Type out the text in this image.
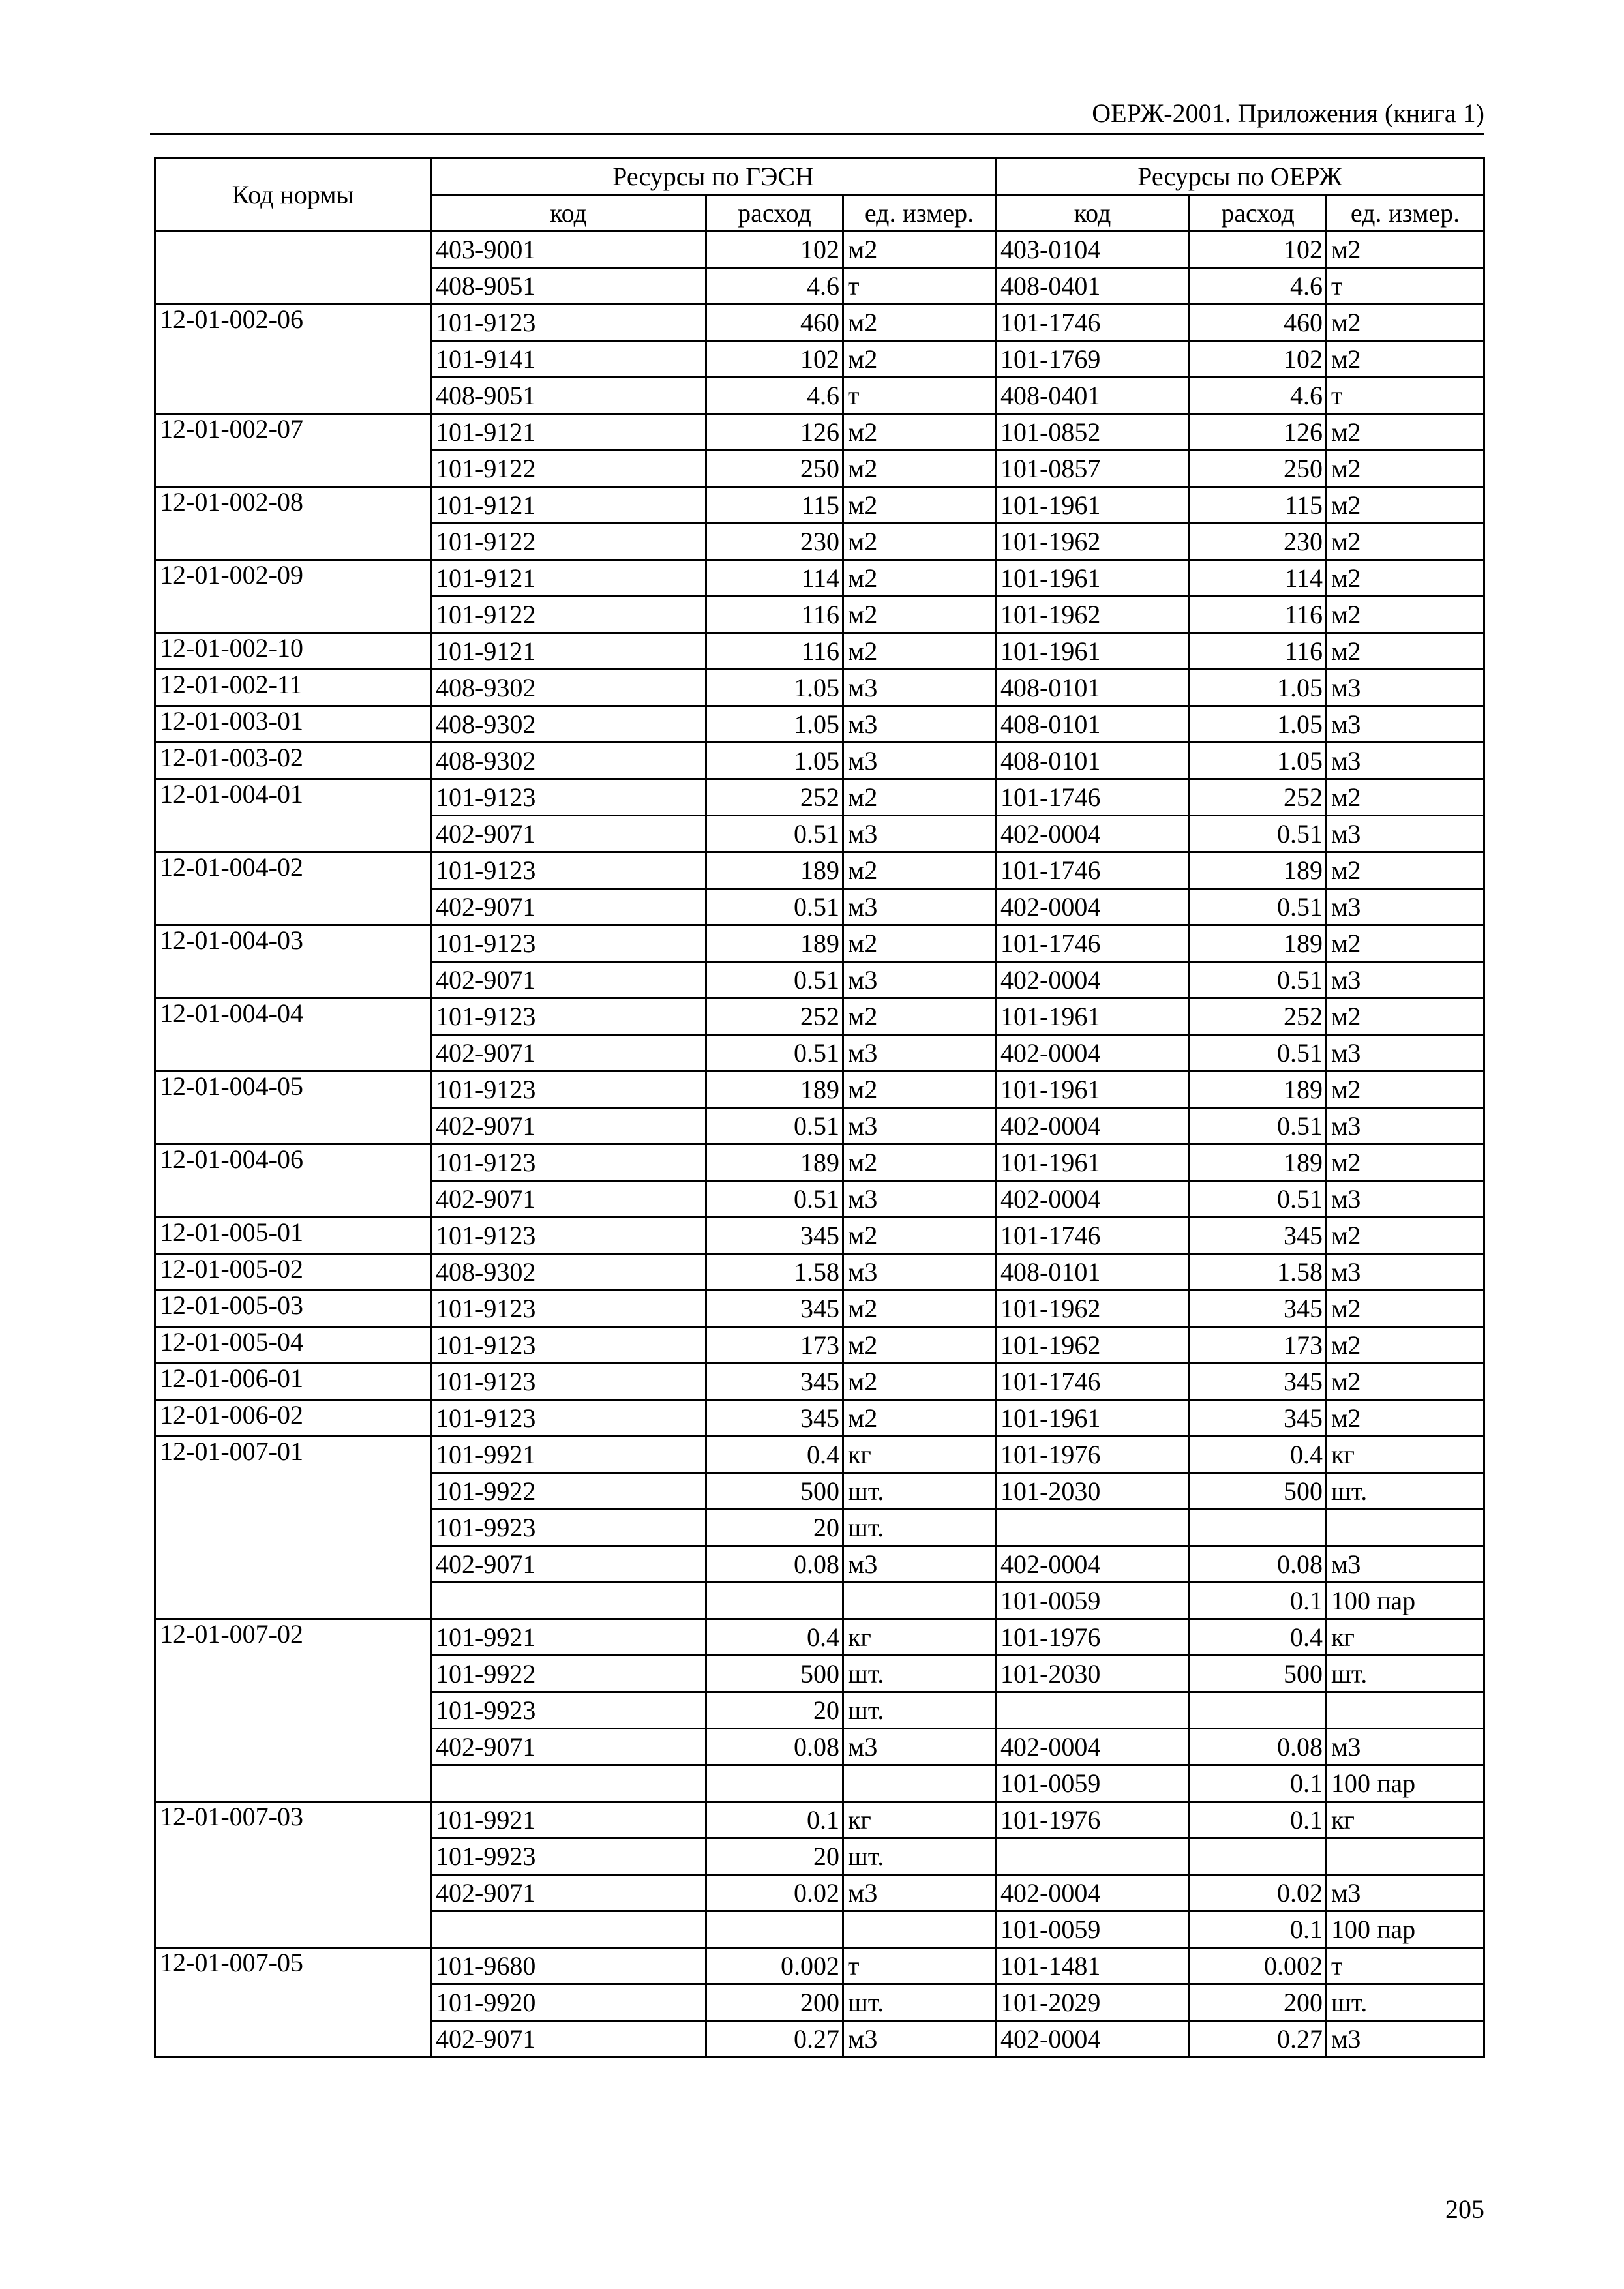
ОЕРЖ-2001. Приложения (книга 1)
Код нормы	Ресурсы по ГЭСН			Ресурсы по ОЕРЖ		
	код	расход	ед. измер.	код	расход	ед. измер.
	403-9001	102	м2	403-0104	102	м2
	408-9051	4.6	т	408-0401	4.6	т
12-01-002-06	101-9123	460	м2	101-1746	460	м2
	101-9141	102	м2	101-1769	102	м2
	408-9051	4.6	т	408-0401	4.6	т
12-01-002-07	101-9121	126	м2	101-0852	126	м2
	101-9122	250	м2	101-0857	250	м2
12-01-002-08	101-9121	115	м2	101-1961	115	м2
	101-9122	230	м2	101-1962	230	м2
12-01-002-09	101-9121	114	м2	101-1961	114	м2
	101-9122	116	м2	101-1962	116	м2
12-01-002-10	101-9121	116	м2	101-1961	116	м2
12-01-002-11	408-9302	1.05	м3	408-0101	1.05	м3
12-01-003-01	408-9302	1.05	м3	408-0101	1.05	м3
12-01-003-02	408-9302	1.05	м3	408-0101	1.05	м3
12-01-004-01	101-9123	252	м2	101-1746	252	м2
	402-9071	0.51	м3	402-0004	0.51	м3
12-01-004-02	101-9123	189	м2	101-1746	189	м2
	402-9071	0.51	м3	402-0004	0.51	м3
12-01-004-03	101-9123	189	м2	101-1746	189	м2
	402-9071	0.51	м3	402-0004	0.51	м3
12-01-004-04	101-9123	252	м2	101-1961	252	м2
	402-9071	0.51	м3	402-0004	0.51	м3
12-01-004-05	101-9123	189	м2	101-1961	189	м2
	402-9071	0.51	м3	402-0004	0.51	м3
12-01-004-06	101-9123	189	м2	101-1961	189	м2
	402-9071	0.51	м3	402-0004	0.51	м3
12-01-005-01	101-9123	345	м2	101-1746	345	м2
12-01-005-02	408-9302	1.58	м3	408-0101	1.58	м3
12-01-005-03	101-9123	345	м2	101-1962	345	м2
12-01-005-04	101-9123	173	м2	101-1962	173	м2
12-01-006-01	101-9123	345	м2	101-1746	345	м2
12-01-006-02	101-9123	345	м2	101-1961	345	м2
12-01-007-01	101-9921	0.4	кг	101-1976	0.4	кг
	101-9922	500	шт.	101-2030	500	шт.
	101-9923	20	шт.			
	402-9071	0.08	м3	402-0004	0.08	м3
				101-0059	0.1	100 пар
12-01-007-02	101-9921	0.4	кг	101-1976	0.4	кг
	101-9922	500	шт.	101-2030	500	шт.
	101-9923	20	шт.			
	402-9071	0.08	м3	402-0004	0.08	м3
				101-0059	0.1	100 пар
12-01-007-03	101-9921	0.1	кг	101-1976	0.1	кг
	101-9923	20	шт.			
	402-9071	0.02	м3	402-0004	0.02	м3
				101-0059	0.1	100 пар
12-01-007-05	101-9680	0.002	т	101-1481	0.002	т
	101-9920	200	шт.	101-2029	200	шт.
	402-9071	0.27	м3	402-0004	0.27	м3
205
